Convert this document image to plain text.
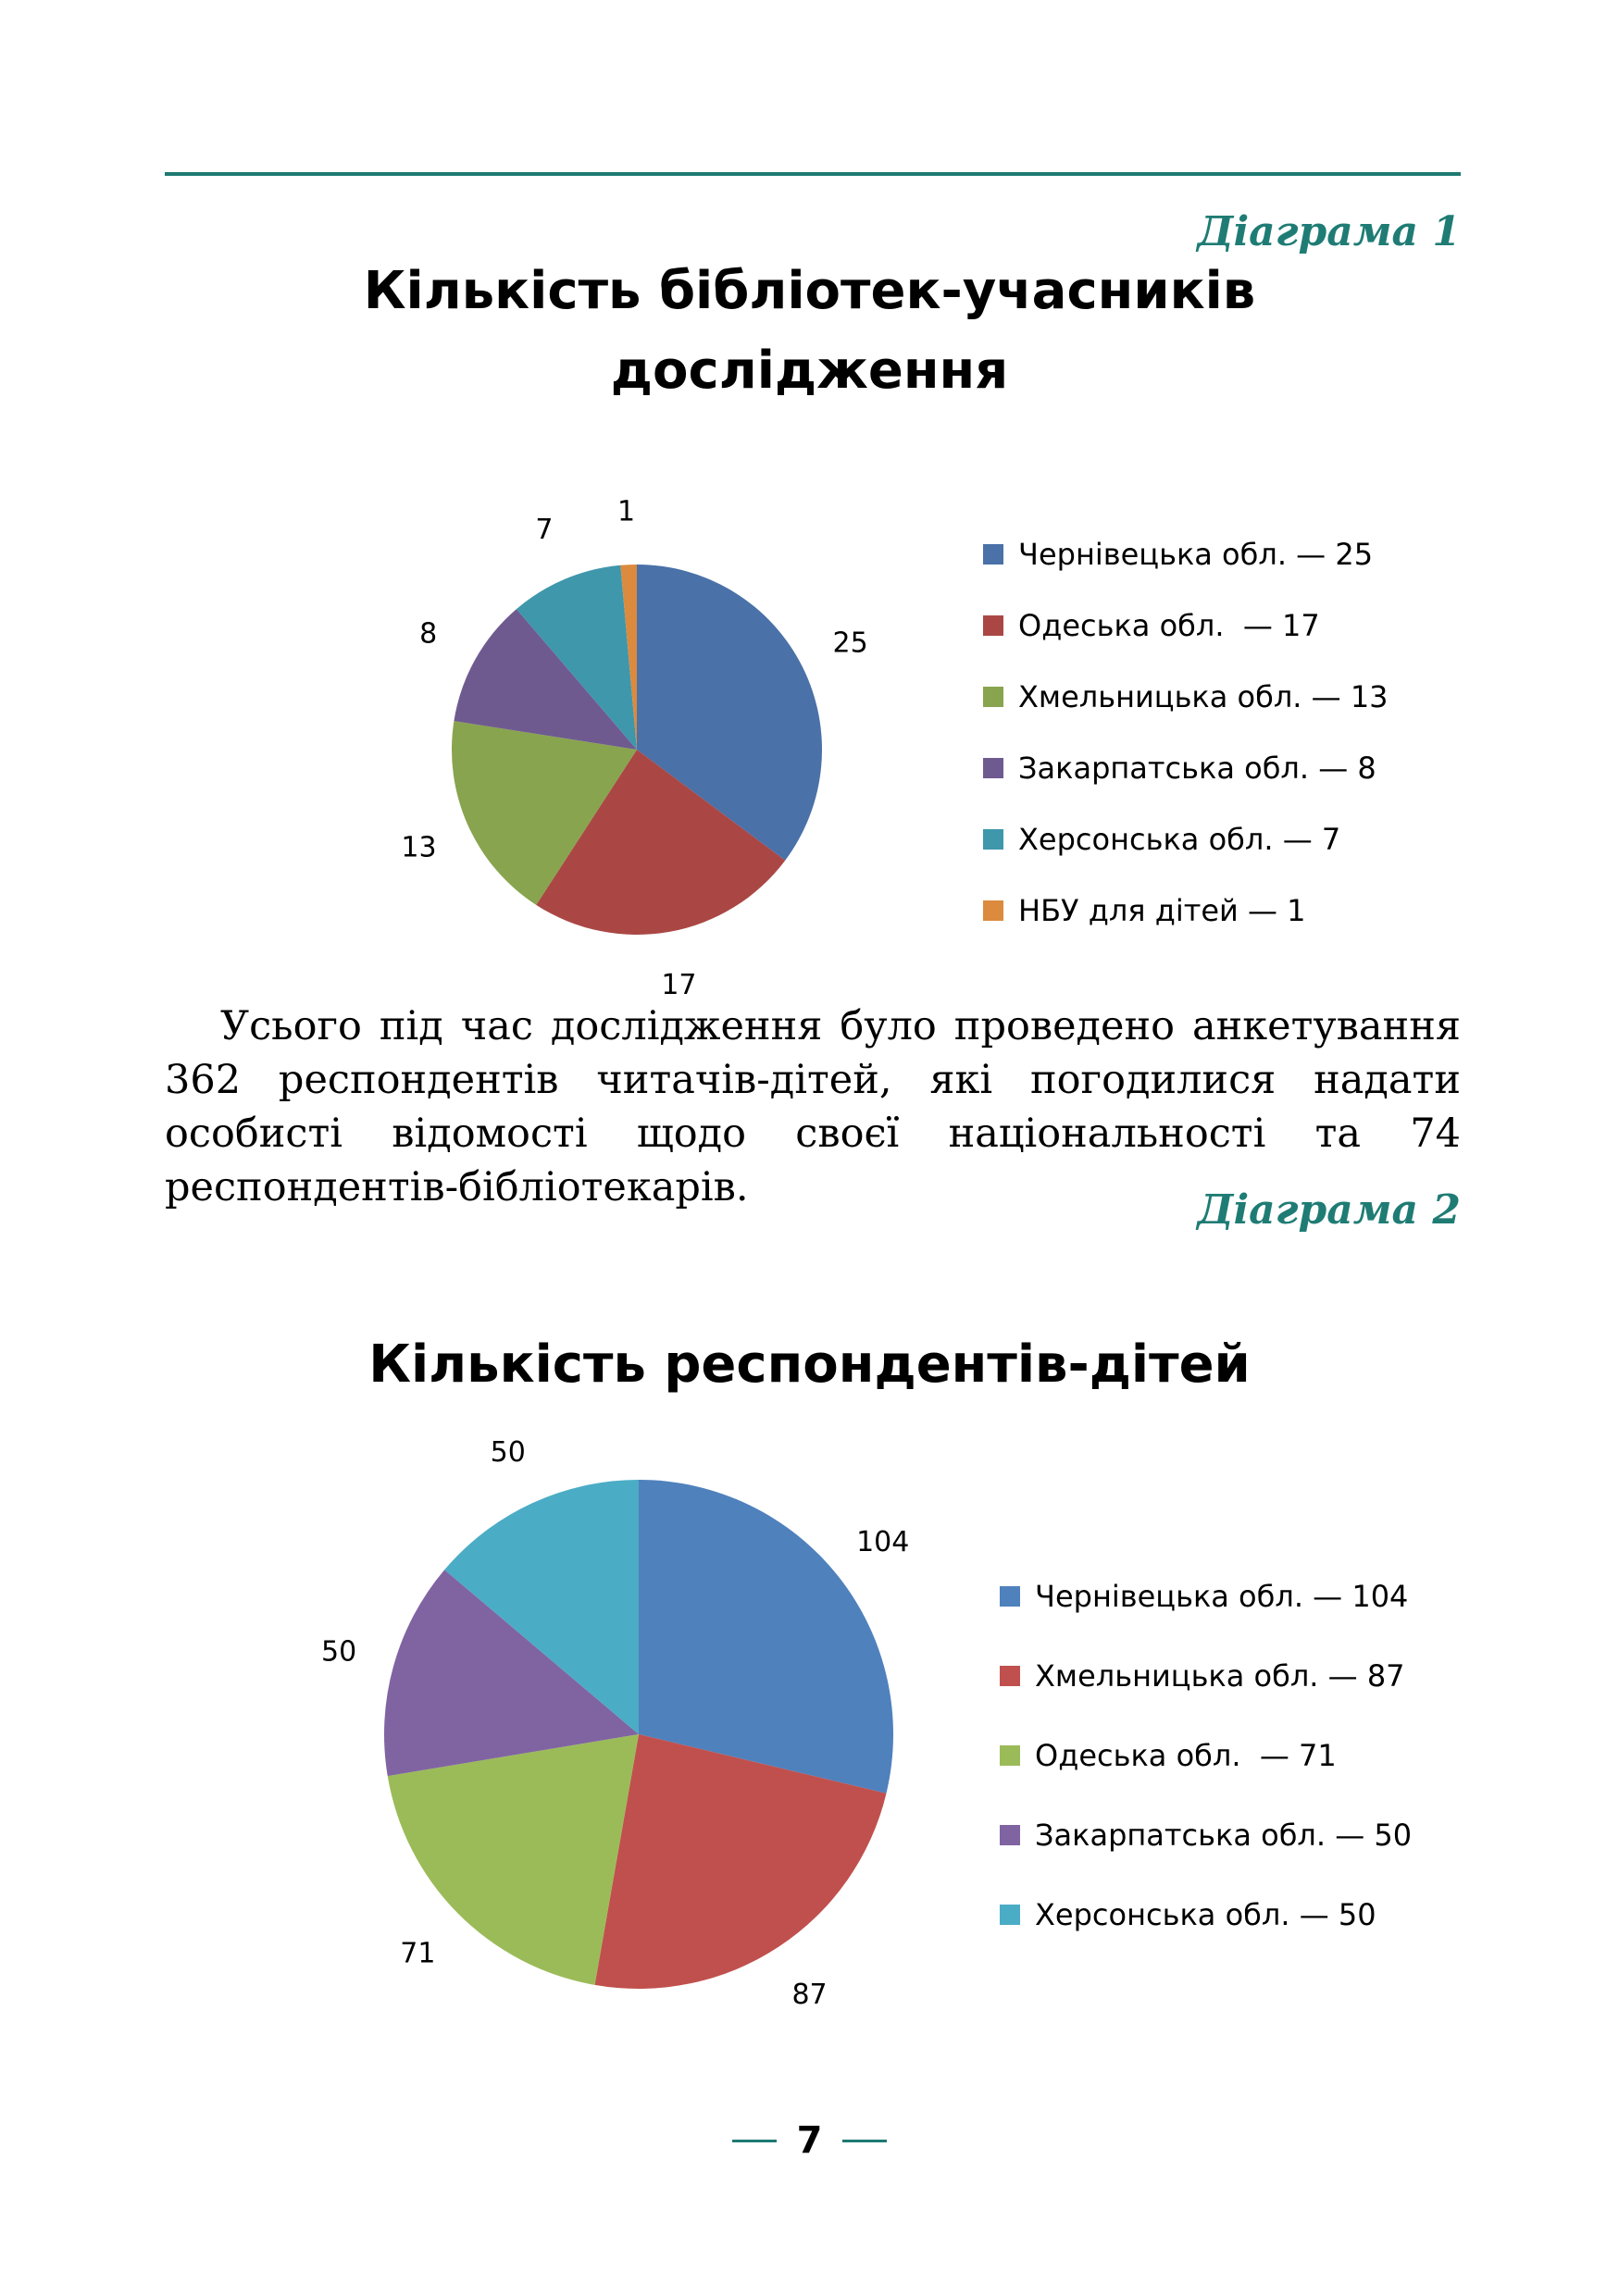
Діаграма 1
Кількість бібліотек-учасників
дослідження
25
17
13
8
7
1
Чернівецька обл. — 25
Одеська обл.  — 17
Хмельницька обл. — 13
Закарпатська обл. — 8
Херсонська обл. — 7
НБУ для дітей — 1
Усього під час дослідження було проведено анкетування 362 респондентів читачів-дітей, які погодилися надати особисті відомості щодо своєї національності та 74 респондентів-бібліотекарів.	Діаграма 2
Кількість респондентів-дітей
104
87
71
50
50
Чернівецька обл. — 104
Хмельницька обл. — 87
Одеська обл.  — 71
Закарпатська обл. — 50
Херсонська обл. — 50
7
